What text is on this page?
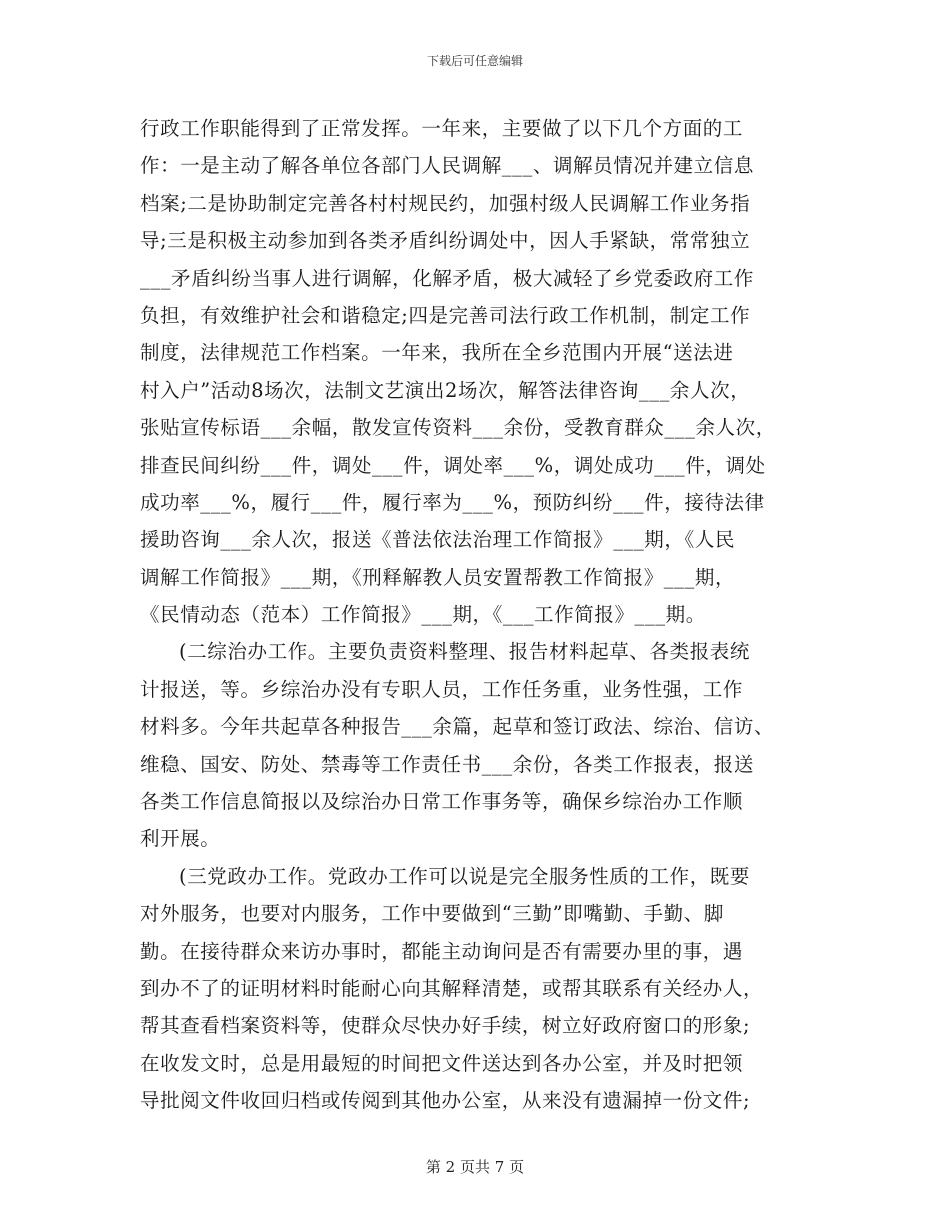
下载后可任意编辑
行政工作职能得到了正常发挥。一年来，主要做了以下几个方面的工
作：一是主动了解各单位各部门人民调解___、调解员情况并建立信息
档案;二是协助制定完善各村村规民约，加强村级人民调解工作业务指
导;三是积极主动参加到各类矛盾纠纷调处中，因人手紧缺，常常独立
___矛盾纠纷当事人进行调解，化解矛盾，极大减轻了乡党委政府工作
负担，有效维护社会和谐稳定;四是完善司法行政工作机制，制定工作
制度，法律规范工作档案。一年来，我所在全乡范围内开展“送法进
村入户”活动8场次，法制文艺演出2场次，解答法律咨询___余人次，
张贴宣传标语___余幅，散发宣传资料___余份，受教育群众___余人次，
排查民间纠纷___件，调处___件，调处率___%，调处成功___件，调处
成功率___%，履行___件，履行率为___%，预防纠纷___件，接待法律
援助咨询___余人次，报送《普法依法治理工作简报》___期，《人民
调解工作简报》___期，《刑释解教人员安置帮教工作简报》___期，
《民情动态（范本）工作简报》___期，《___工作简报》___期。
(二综治办工作。主要负责资料整理、报告材料起草、各类报表统
计报送，等。乡综治办没有专职人员，工作任务重，业务性强，工作
材料多。今年共起草各种报告___余篇，起草和签订政法、综治、信访、
维稳、国安、防处、禁毒等工作责任书___余份，各类工作报表，报送
各类工作信息简报以及综治办日常工作事务等，确保乡综治办工作顺
利开展。
(三党政办工作。党政办工作可以说是完全服务性质的工作，既要
对外服务，也要对内服务，工作中要做到“三勤”即嘴勤、手勤、脚
勤。在接待群众来访办事时，都能主动询问是否有需要办里的事，遇
到办不了的证明材料时能耐心向其解释清楚，或帮其联系有关经办人，
帮其查看档案资料等，使群众尽快办好手续，树立好政府窗口的形象;
在收发文时，总是用最短的时间把文件送达到各办公室，并及时把领
导批阅文件收回归档或传阅到其他办公室，从来没有遗漏掉一份文件;
第 2 页共 7 页
